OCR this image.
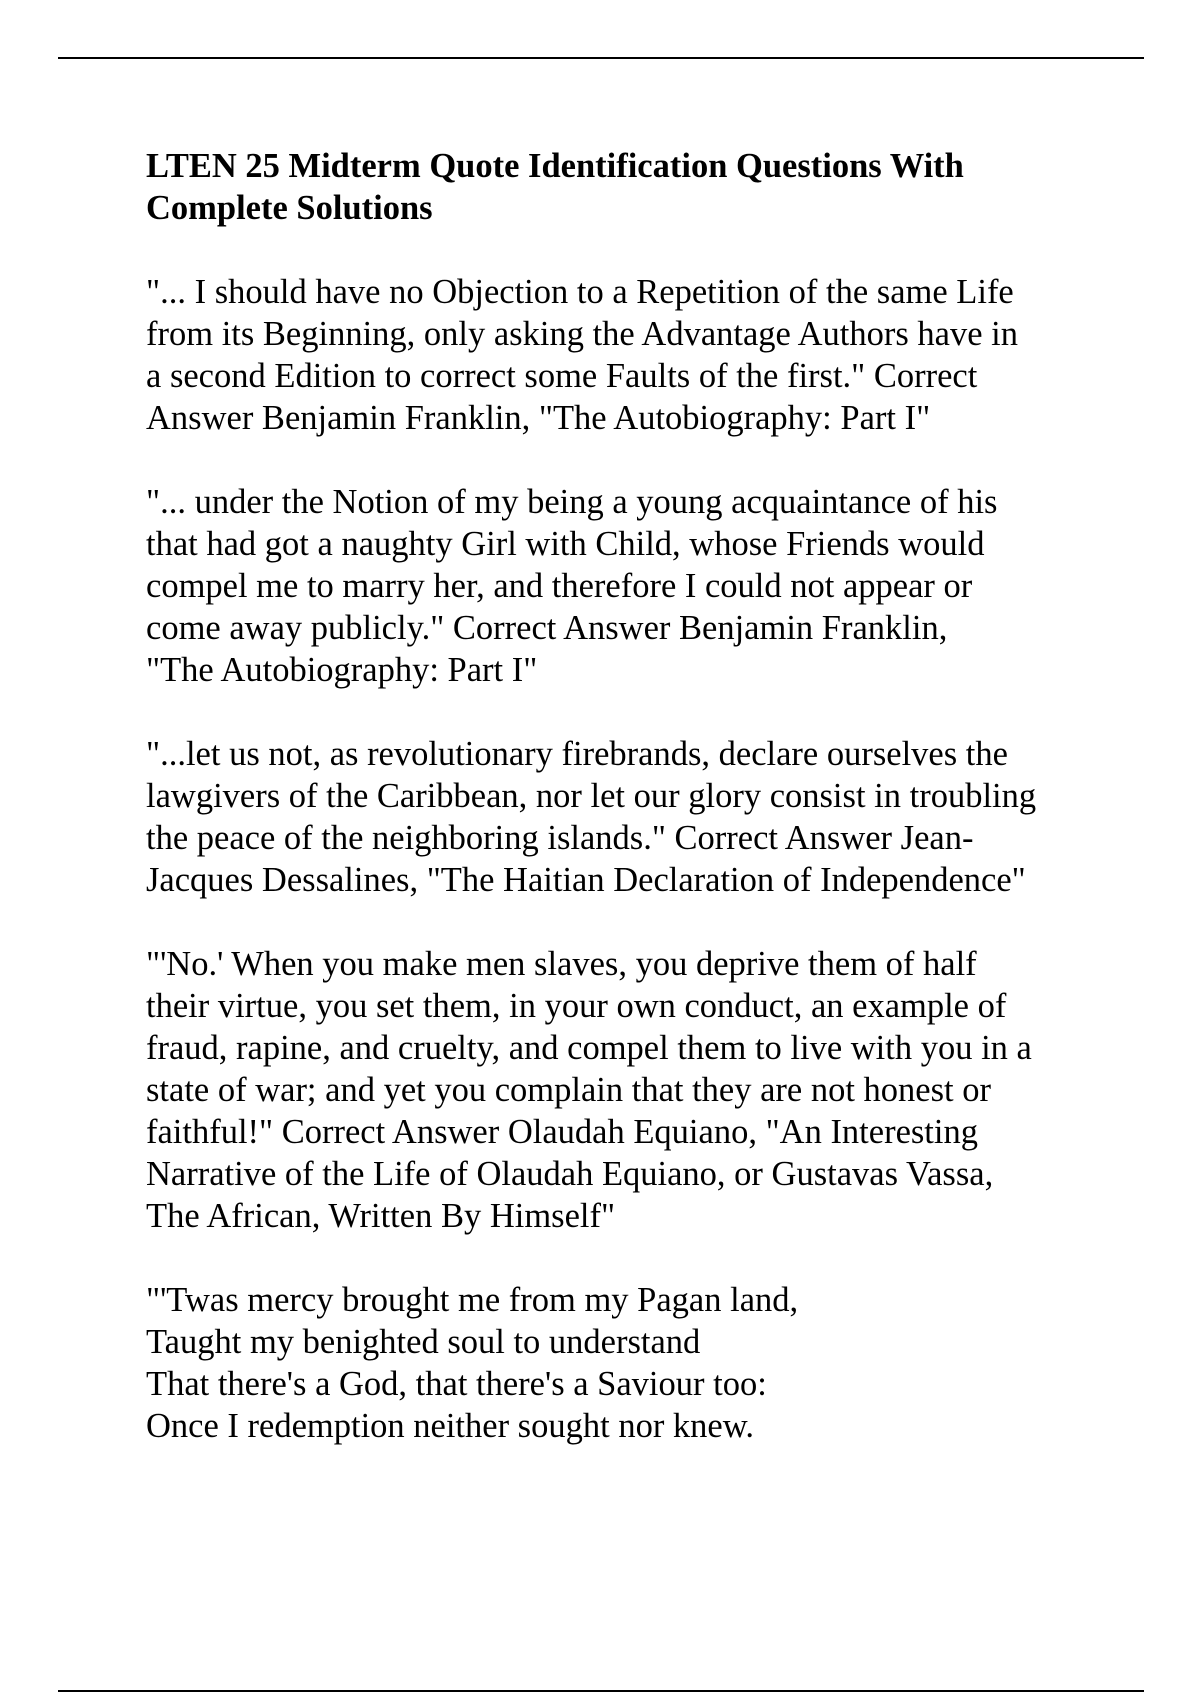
LTEN 25 Midterm Quote Identification Questions With Complete Solutions

"... I should have no Objection to a Repetition of the same Life
from its Beginning, only asking the Advantage Authors have in
a second Edition to correct some Faults of the first." Correct
Answer Benjamin Franklin, "The Autobiography: Part I"

"... under the Notion of my being a young acquaintance of his
that had got a naughty Girl with Child, whose Friends would
compel me to marry her, and therefore I could not appear or
come away publicly." Correct Answer Benjamin Franklin,
"The Autobiography: Part I"

"...let us not, as revolutionary firebrands, declare ourselves the
lawgivers of the Caribbean, nor let our glory consist in troubling
the peace of the neighboring islands." Correct Answer Jean-
Jacques Dessalines, "The Haitian Declaration of Independence"

"'No.' When you make men slaves, you deprive them of half
their virtue, you set them, in your own conduct, an example of
fraud, rapine, and cruelty, and compel them to live with you in a
state of war; and yet you complain that they are not honest or
faithful!" Correct Answer Olaudah Equiano, "An Interesting
Narrative of the Life of Olaudah Equiano, or Gustavas Vassa,
The African, Written By Himself"

"'Twas mercy brought me from my Pagan land,
Taught my benighted soul to understand
That there's a God, that there's a Saviour too:
Once I redemption neither sought nor knew.
